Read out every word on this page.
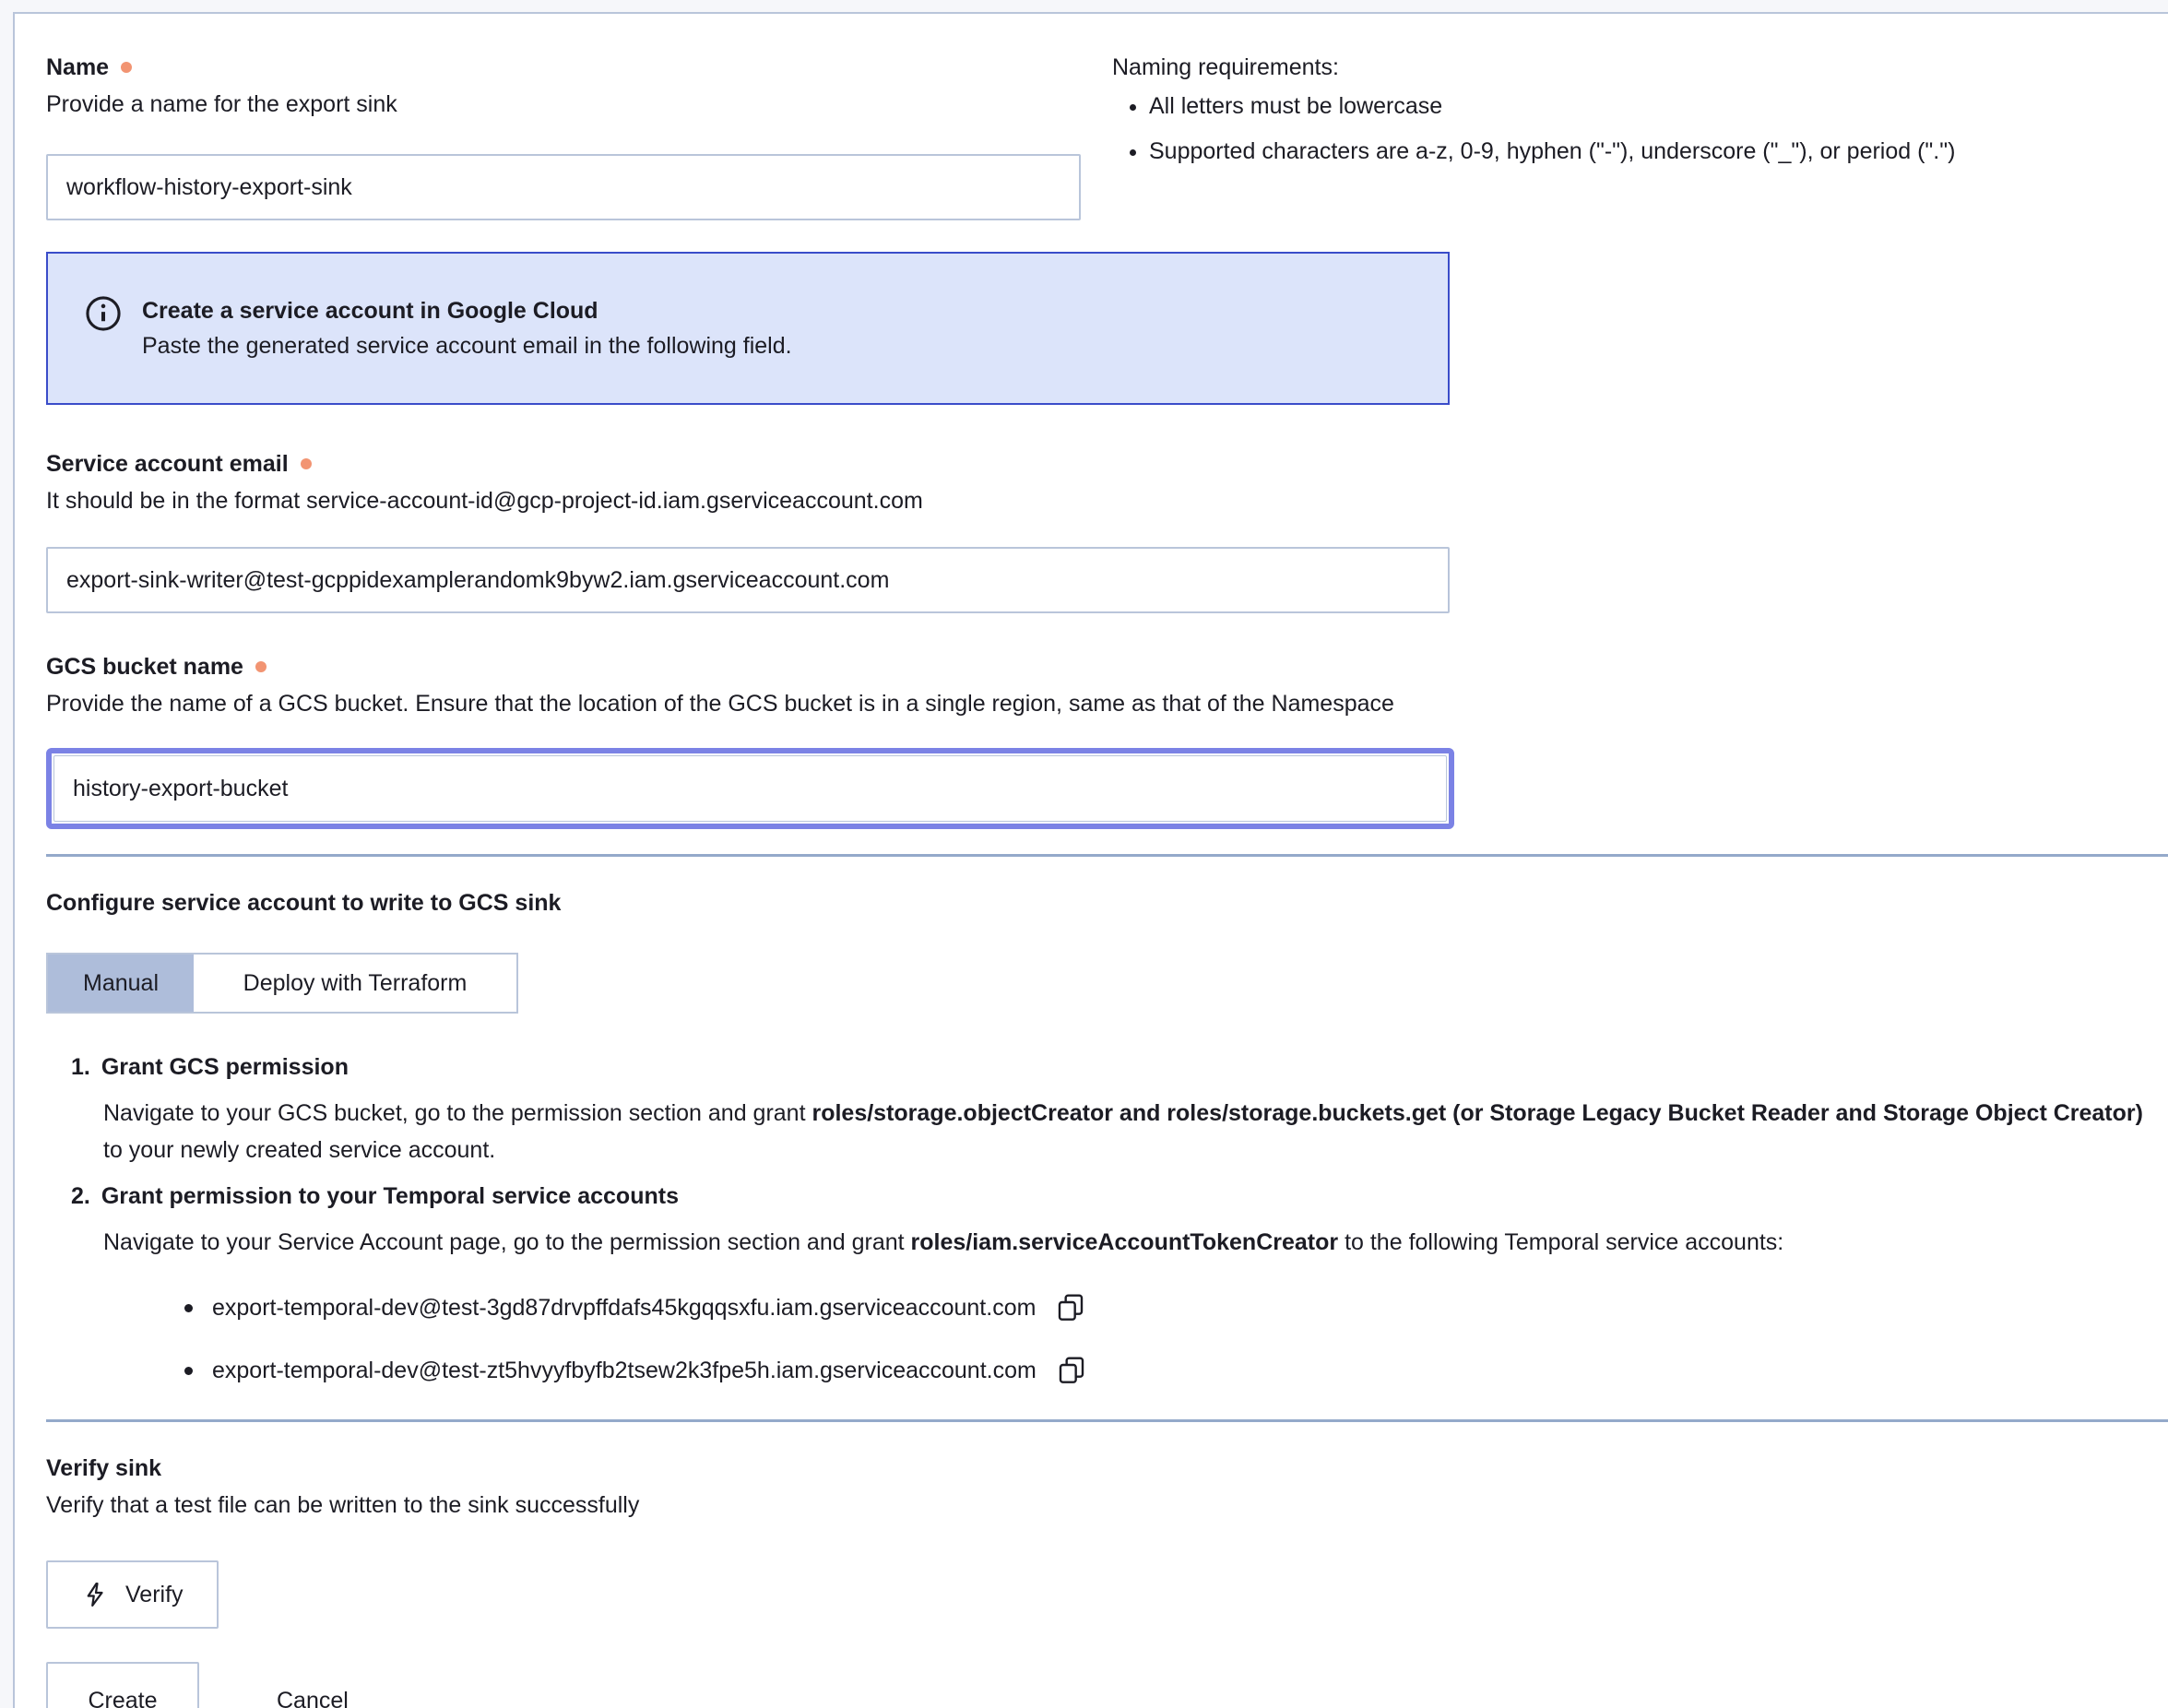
Name
Provide a name for the export sink
workflow-history-export-sink
Naming requirements:
• All letters must be lowercase
• Supported characters are a-z, 0-9, hyphen ("-"), underscore ("_"), or period (".")
Create a service account in Google Cloud
Paste the generated service account email in the following field.
Service account email
It should be in the format service-account-id@gcp-project-id.iam.gserviceaccount.com
export-sink-writer@test-gcppidexamplerandomk9byw2.iam.gserviceaccount.com
GCS bucket name
Provide the name of a GCS bucket. Ensure that the location of the GCS bucket is in a single region, same as that of the Namespace
history-export-bucket
Configure service account to write to GCS sink
Manual	Deploy with Terraform
1. Grant GCS permission
Navigate to your GCS bucket, go to the permission section and grant roles/storage.objectCreator and roles/storage.buckets.get (or Storage Legacy Bucket Reader and Storage Object Creator) to your newly created service account.
2. Grant permission to your Temporal service accounts
Navigate to your Service Account page, go to the permission section and grant roles/iam.serviceAccountTokenCreator to the following Temporal service accounts:
export-temporal-dev@test-3gd87drvpffdafs45kgqqsxfu.iam.gserviceaccount.com
export-temporal-dev@test-zt5hvyyfbyfb2tsew2k3fpe5h.iam.gserviceaccount.com
Verify sink
Verify that a test file can be written to the sink successfully
Verify
Create	Cancel
